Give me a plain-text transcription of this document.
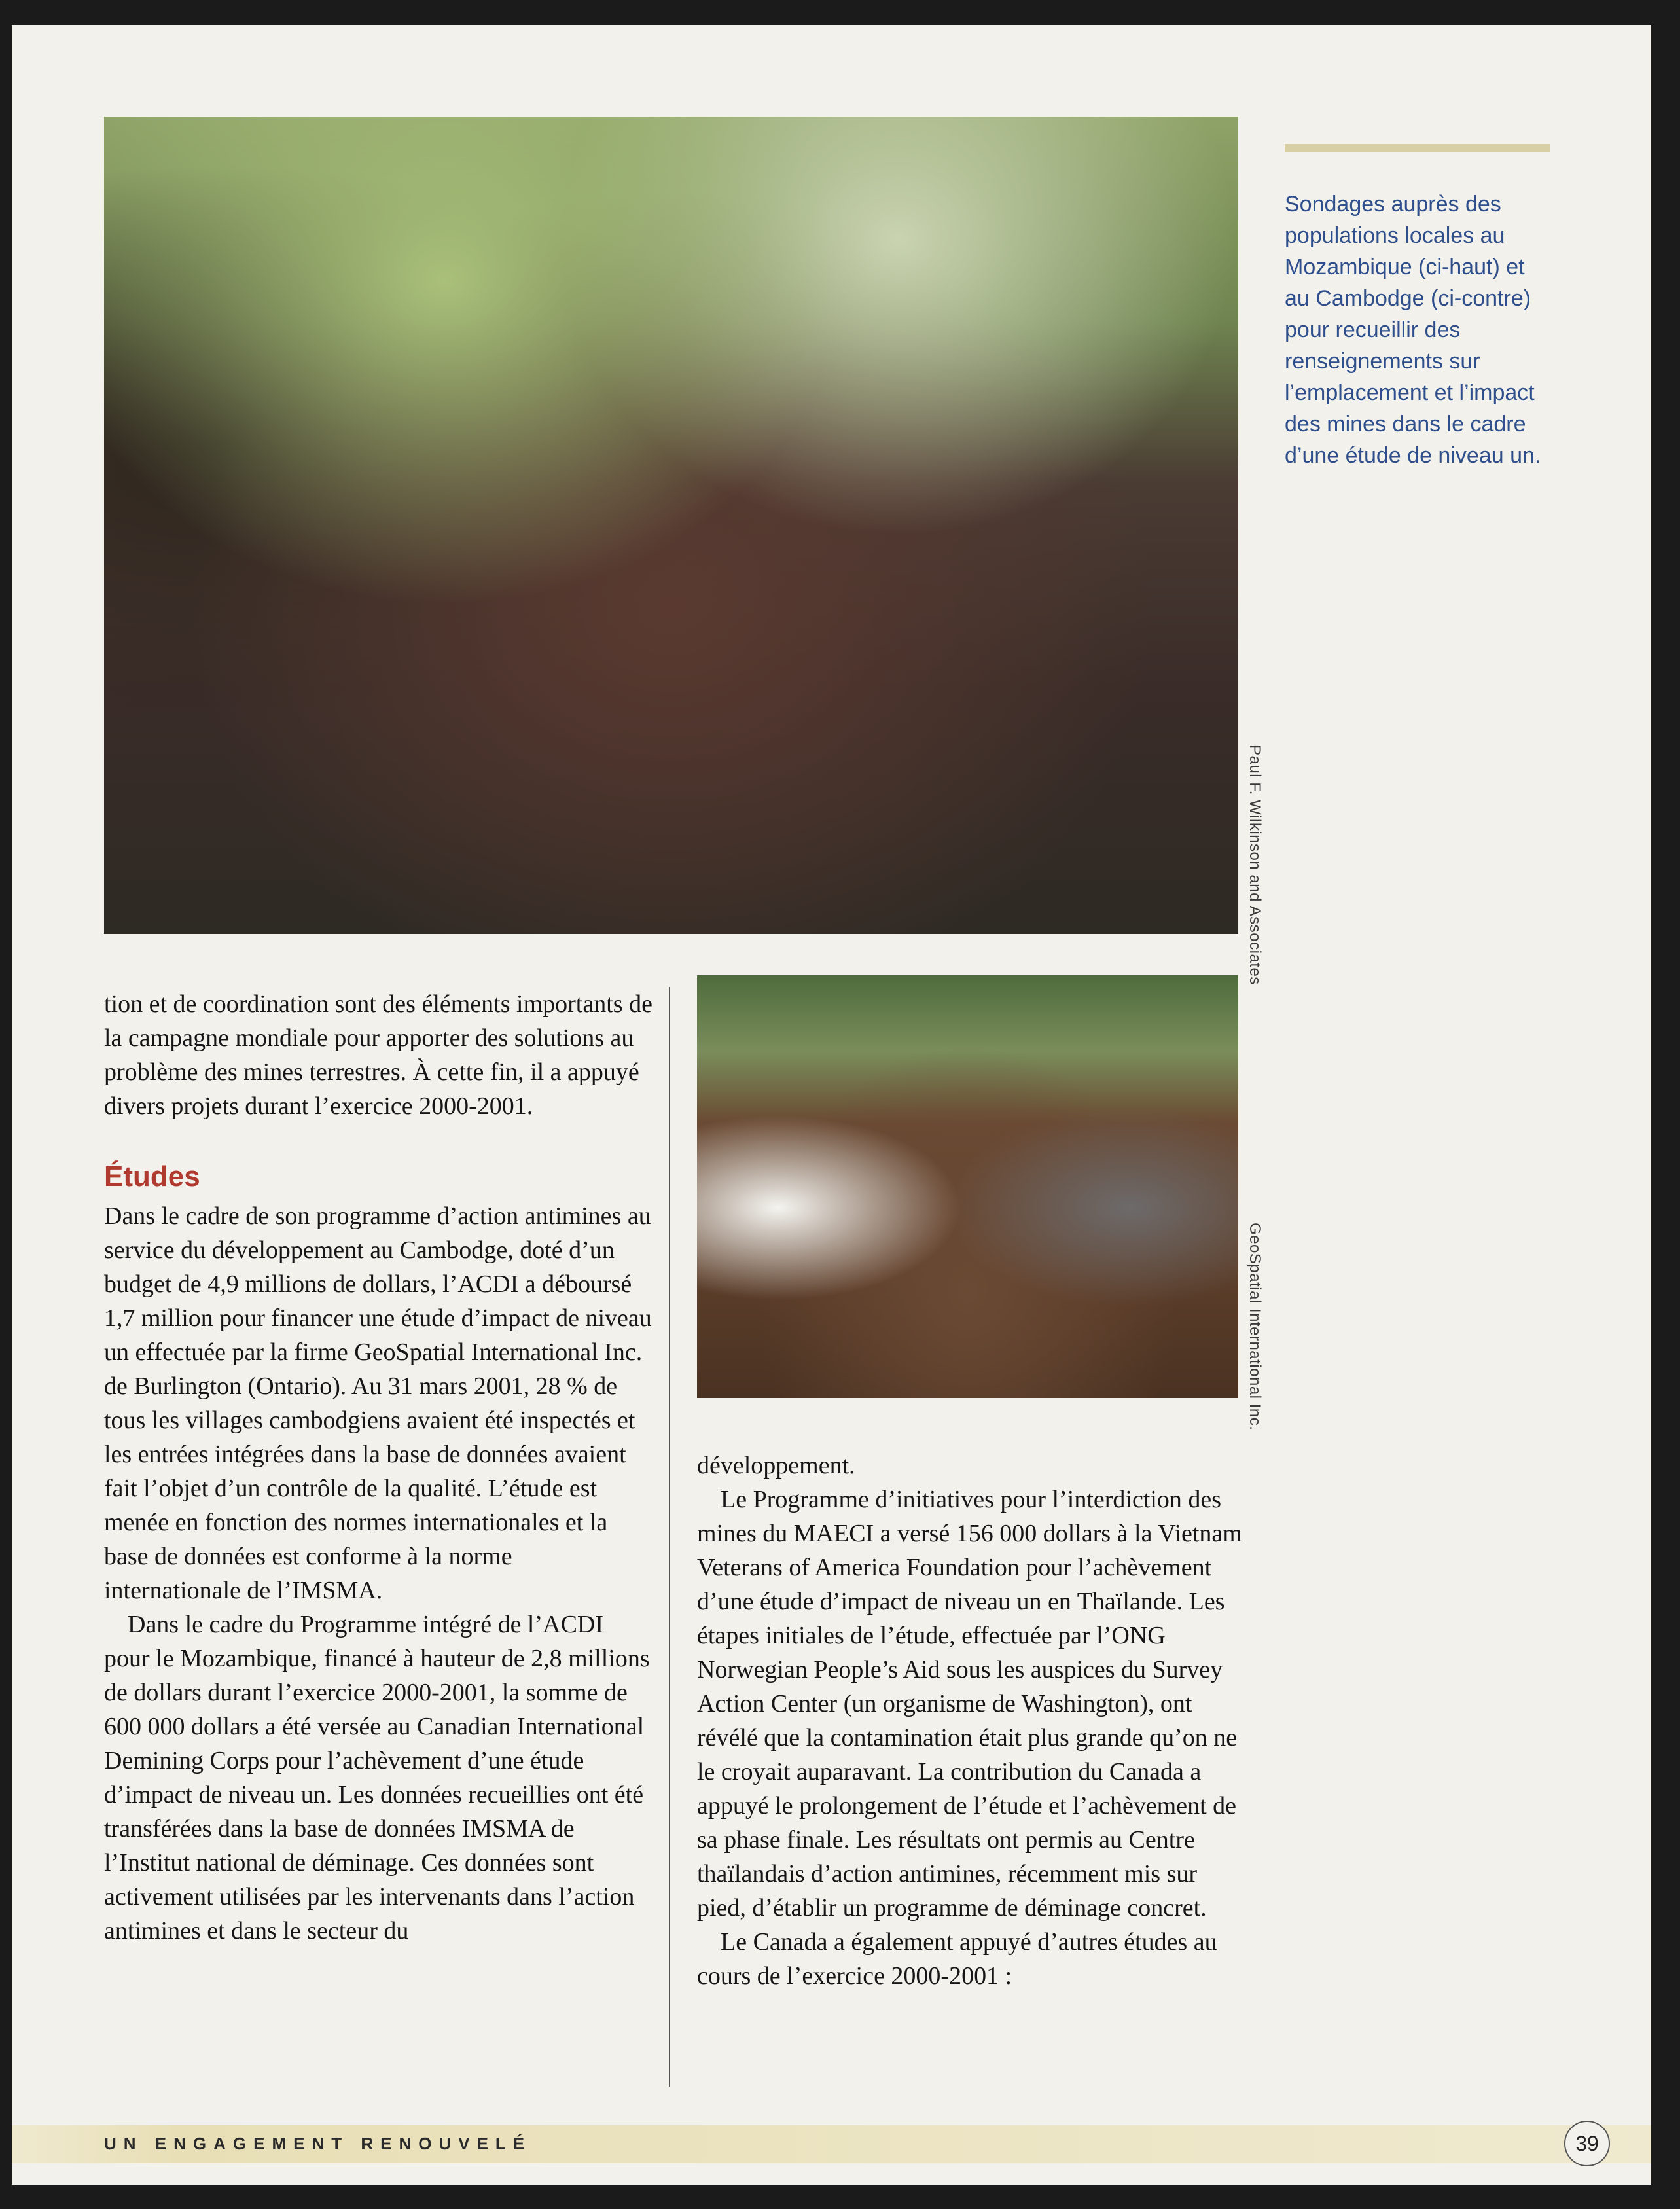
Paul F. Wilkinson and Associates
Sondages auprès des populations locales au Mozambique (ci-haut) et au Cambodge (ci-contre) pour recueillir des renseignements sur l’emplacement et l’impact des mines dans le cadre d’une étude de niveau un.

tion et de coordination sont des éléments importants de la campagne mondiale pour apporter des solutions au problème des mines terrestres. À cette fin, il a appuyé divers projets durant l’exercice 2000-2001.

Études

Dans le cadre de son programme d’action antimines au service du développement au Cambodge, doté d’un budget de 4,9 millions de dollars, l’ACDI a déboursé 1,7 million pour financer une étude d’impact de niveau un effectuée par la firme GeoSpatial International Inc. de Burlington (Ontario). Au 31 mars 2001, 28 % de tous les villages cambodgiens avaient été inspectés et les entrées intégrées dans la base de données avaient fait l’objet d’un contrôle de la qualité. L’étude est menée en fonction des normes internationales et la base de données est conforme à la norme internationale de l’IMSMA.

Dans le cadre du Programme intégré de l’ACDI pour le Mozambique, financé à hauteur de 2,8 millions de dollars durant l’exercice 2000-2001, la somme de 600 000 dollars a été versée au Canadian International Demining Corps pour l’achèvement d’une étude d’impact de niveau un. Les données recueillies ont été transférées dans la base de données IMSMA de l’Institut national de déminage. Ces données sont activement utilisées par les intervenants dans l’action antimines et dans le secteur du

GeoSpatial International Inc.

développement.

Le Programme d’initiatives pour l’interdiction des mines du MAECI a versé 156 000 dollars à la Vietnam Veterans of America Foundation pour l’achèvement d’une étude d’impact de niveau un en Thaïlande. Les étapes initiales de l’étude, effectuée par l’ONG Norwegian People’s Aid sous les auspices du Survey Action Center (un organisme de Washington), ont révélé que la contamination était plus grande qu’on ne le croyait auparavant. La contribution du Canada a appuyé le prolongement de l’étude et l’achèvement de sa phase finale. Les résultats ont permis au Centre thaïlandais d’action antimines, récemment mis sur pied, d’établir un programme de déminage concret.

Le Canada a également appuyé d’autres études au cours de l’exercice 2000-2001 :

UN ENGAGEMENT RENOUVELÉ	39
